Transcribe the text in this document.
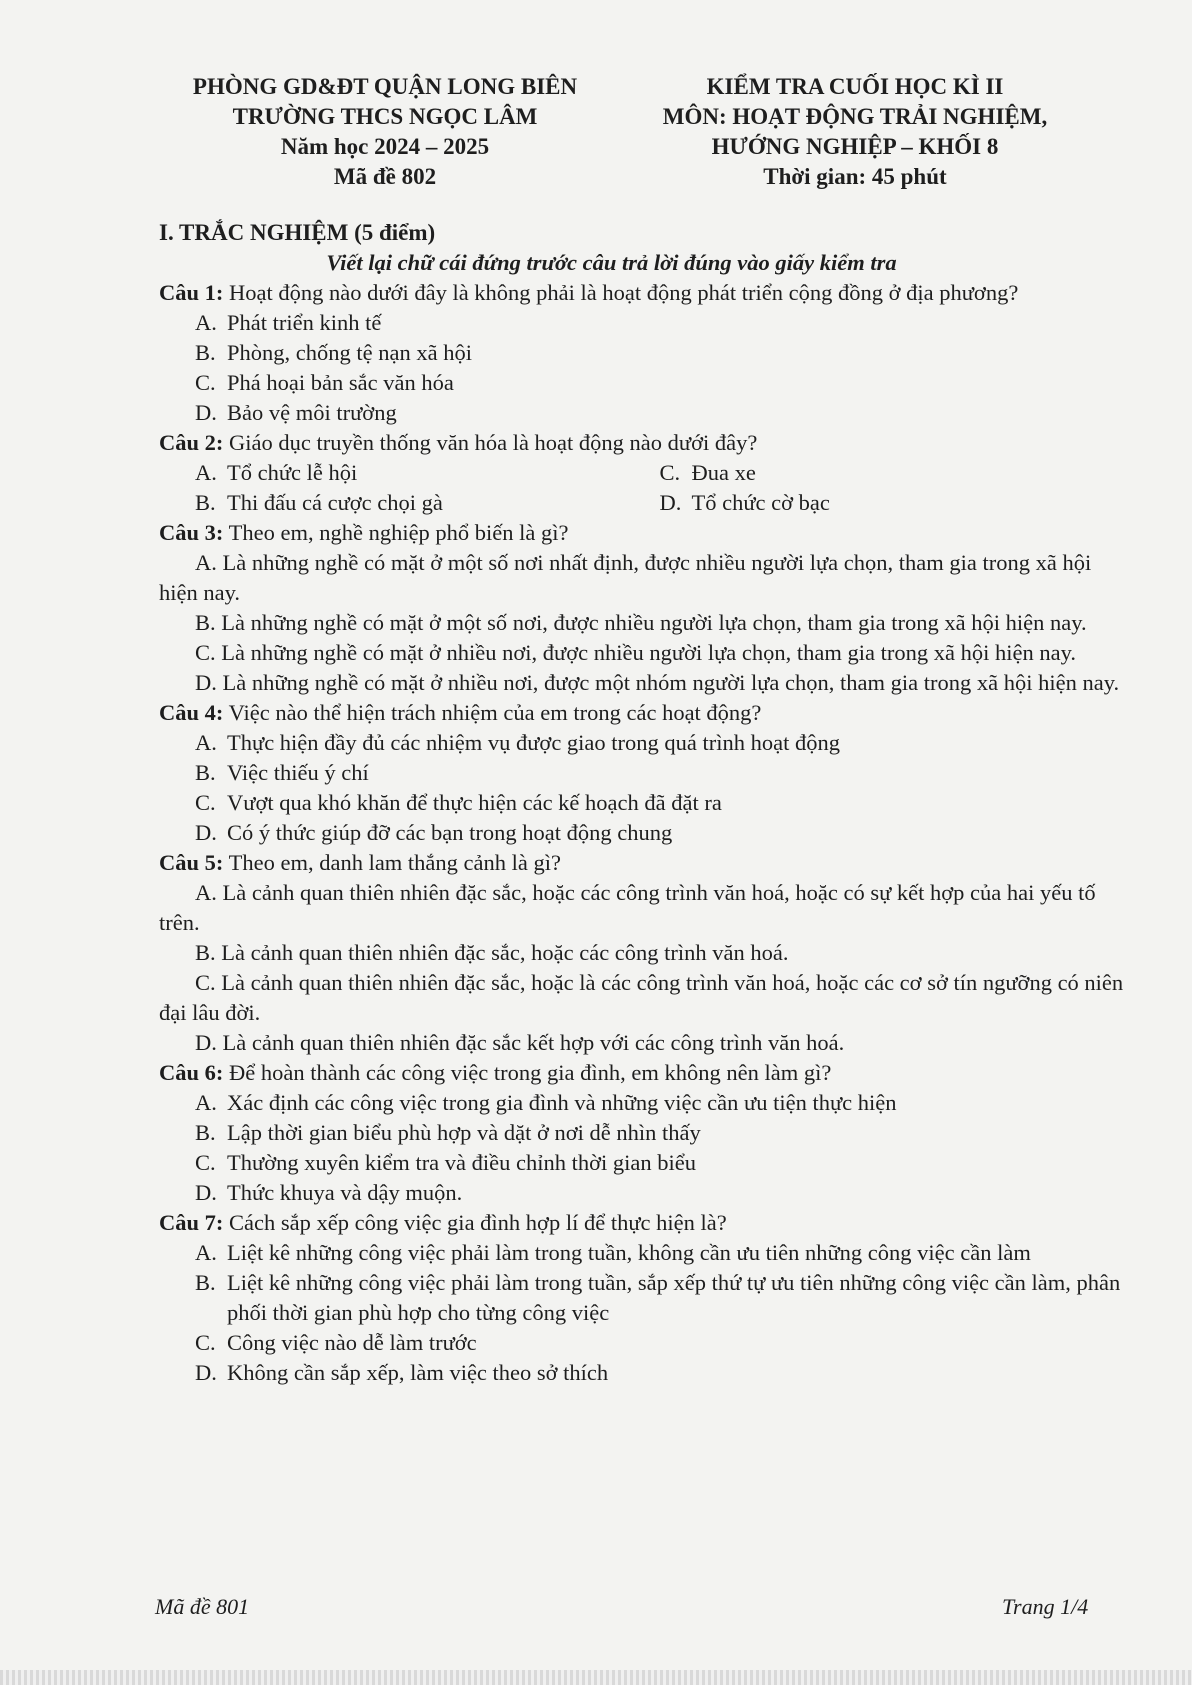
PHÒNG GD&ĐT QUẬN LONG BIÊN
TRƯỜNG THCS NGỌC LÂM
Năm học 2024 – 2025
Mã đề 802
KIỂM TRA CUỐI HỌC KÌ II
MÔN: HOẠT ĐỘNG TRẢI NGHIỆM,
HƯỚNG NGHIỆP – KHỐI 8
Thời gian: 45 phút
I. TRẮC NGHIỆM (5 điểm)
Viết lại chữ cái đứng trước câu trả lời đúng vào giấy kiểm tra
Câu 1: Hoạt động nào dưới đây là không phải là hoạt động phát triển cộng đồng ở địa phương?
A. Phát triển kinh tế
B. Phòng, chống tệ nạn xã hội
C. Phá hoại bản sắc văn hóa
D. Bảo vệ môi trường
Câu 2: Giáo dục truyền thống văn hóa là hoạt động nào dưới đây?
A. Tổ chức lễ hội	C. Đua xe
B. Thi đấu cá cược chọi gà	D. Tổ chức cờ bạc
Câu 3: Theo em, nghề nghiệp phổ biến là gì?

A. Là những nghề có mặt ở một số nơi nhất định, được nhiều người lựa chọn, tham gia trong xã hội hiện nay.

B. Là những nghề có mặt ở một số nơi, được nhiều người lựa chọn, tham gia trong xã hội hiện nay.

C. Là những nghề có mặt ở nhiều nơi, được nhiều người lựa chọn, tham gia trong xã hội hiện nay.

D. Là những nghề có mặt ở nhiều nơi, được một nhóm người lựa chọn, tham gia trong xã hội hiện nay.

Câu 4: Việc nào thể hiện trách nhiệm của em trong các hoạt động?
A. Thực hiện đầy đủ các nhiệm vụ được giao trong quá trình hoạt động
B. Việc thiếu ý chí
C. Vượt qua khó khăn để thực hiện các kế hoạch đã đặt ra
D. Có ý thức giúp đỡ các bạn trong hoạt động chung
Câu 5: Theo em, danh lam thắng cảnh là gì?

A. Là cảnh quan thiên nhiên đặc sắc, hoặc các công trình văn hoá, hoặc có sự kết hợp của hai yếu tố trên.

B. Là cảnh quan thiên nhiên đặc sắc, hoặc các công trình văn hoá.

C. Là cảnh quan thiên nhiên đặc sắc, hoặc là các công trình văn hoá, hoặc các cơ sở tín ngưỡng có niên đại lâu đời.

D. Là cảnh quan thiên nhiên đặc sắc kết hợp với các công trình văn hoá.

Câu 6: Để hoàn thành các công việc trong gia đình, em không nên làm gì?
A. Xác định các công việc trong gia đình và những việc cần ưu tiện thực hiện
B. Lập thời gian biểu phù hợp và dặt ở nơi dễ nhìn thấy
C. Thường xuyên kiểm tra và điều chỉnh thời gian biểu
D. Thức khuya và dậy muộn.
Câu 7: Cách sắp xếp công việc gia đình hợp lí để thực hiện là?
A. Liệt kê những công việc phải làm trong tuần, không cần ưu tiên những công việc cần làm
B. Liệt kê những công việc phải làm trong tuần, sắp xếp thứ tự ưu tiên những công việc cần làm, phân phối thời gian phù hợp cho từng công việc
C. Công việc nào dễ làm trước
D. Không cần sắp xếp, làm việc theo sở thích
Mã đề 801	Trang 1/4
